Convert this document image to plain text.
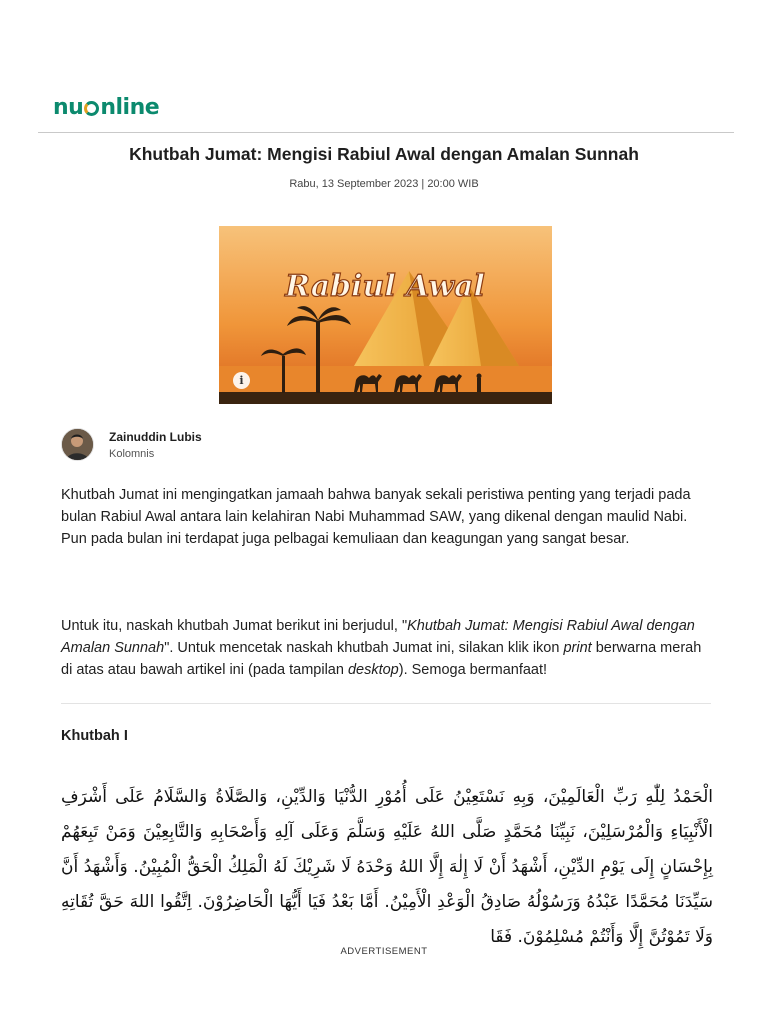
nu nline
Khutbah Jumat: Mengisi Rabiul Awal dengan Amalan Sunnah
Rabu, 13 September 2023 | 20:00 WIB
Rabiul Awal
i
Zainuddin Lubis
Kolomnis

Khutbah Jumat ini mengingatkan jamaah bahwa banyak sekali peristiwa penting yang terjadi pada bulan Rabiul Awal antara lain kelahiran Nabi Muhammad SAW, yang dikenal dengan maulid Nabi. Pun pada bulan ini terdapat juga pelbagai kemuliaan dan keagungan yang sangat besar.

Untuk itu, naskah khutbah Jumat berikut ini berjudul, "Khutbah Jumat: Mengisi Rabiul Awal dengan Amalan Sunnah". Untuk mencetak naskah khutbah Jumat ini, silakan klik ikon print berwarna merah di atas atau bawah artikel ini (pada tampilan desktop). Semoga bermanfaat!

Khutbah I
الْحَمْدُ لِلّٰهِ رَبِّ الْعَالَمِيْنَ، وَبِهِ نَسْتَعِيْنُ عَلَى أُمُوْرِ الدُّنْيَا وَالدِّيْنِ، وَالصَّلَاةُ وَالسَّلَامُ عَلَى أَشْرَفِ الْأَنْبِيَاءِ وَالْمُرْسَلِيْنَ، نَبِيِّنَا مُحَمَّدٍ صَلَّى اللهُ عَلَيْهِ وَسَلَّمَ وَعَلَى آلِهِ وَأَصْحَابِهِ وَالتَّابِعِيْنَ وَمَنْ تَبِعَهُمْ بِإِحْسَانٍ إِلَى يَوْمِ الدِّيْنِ، أَشْهَدُ أَنْ لَا إِلٰهَ إِلَّا اللهُ وَحْدَهُ لَا شَرِيْكَ لَهُ الْمَلِكُ الْحَقُّ الْمُبِيْنُ. وَأَشْهَدُ أَنَّ سَيِّدَنَا مُحَمَّدًا عَبْدُهُ وَرَسُوْلُهُ صَادِقُ الْوَعْدِ الْأَمِيْنُ. أَمَّا بَعْدُ فَيَا أَيُّهَا الْحَاضِرُوْنَ. اِتَّقُوا اللهَ حَقَّ تُقَاتِهِ وَلَا تَمُوْتُنَّ إِلَّا وَأَنْتُمْ مُسْلِمُوْنَ. فَقَا
ADVERTISEMENT
